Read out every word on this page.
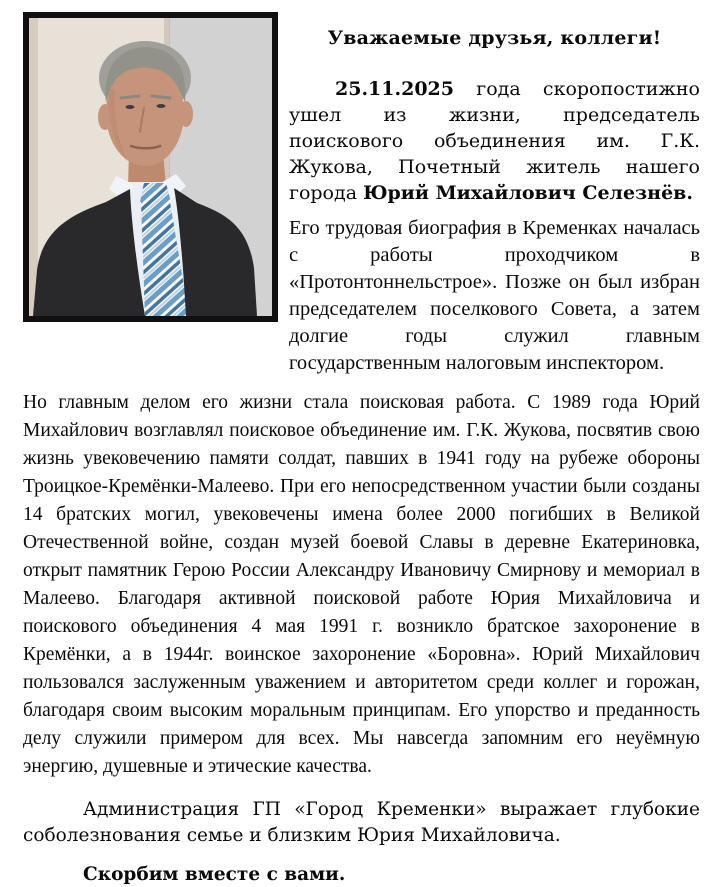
Уважаемые друзья, коллеги!

25.11.2025 года скоропостижно ушел из жизни, председатель поискового объединения им. Г.К. Жукова, Почетный житель нашего города Юрий Михайлович Селезнёв.

Его трудовая биография в Кременках началась с работы проходчиком в «Протонтоннельстрое». Позже он был избран председателем поселкового Совета, а затем долгие годы служил главным государственным налоговым инспектором.

Но главным делом его жизни стала поисковая работа. С 1989 года Юрий Михайлович возглавлял поисковое объединение им. Г.К. Жукова, посвятив свою жизнь увековечению памяти солдат, павших в 1941 году на рубеже обороны Троицкое-Кремёнки-Малеево. При его непосредственном участии были созданы 14 братских могил, увековечены имена более 2000 погибших в Великой Отечественной войне, создан музей боевой Славы в деревне Екатериновка, открыт памятник Герою России Александру Ивановичу Смирнову и мемориал в Малеево. Благодаря активной поисковой работе Юрия Михайловича и поискового объединения 4 мая 1991 г. возникло братское захоронение в Кремёнки, а в 1944г. воинское захоронение «Боровна». Юрий Михайлович пользовался заслуженным уважением и авторитетом среди коллег и горожан, благодаря своим высоким моральным принципам. Его упорство и преданность делу служили примером для всех. Мы навсегда запомним его неуёмную энергию, душевные и этические качества.

Администрация ГП «Город Кременки» выражает глубокие соболезнования семье и близким Юрия Михайловича.

Скорбим вместе с вами.
